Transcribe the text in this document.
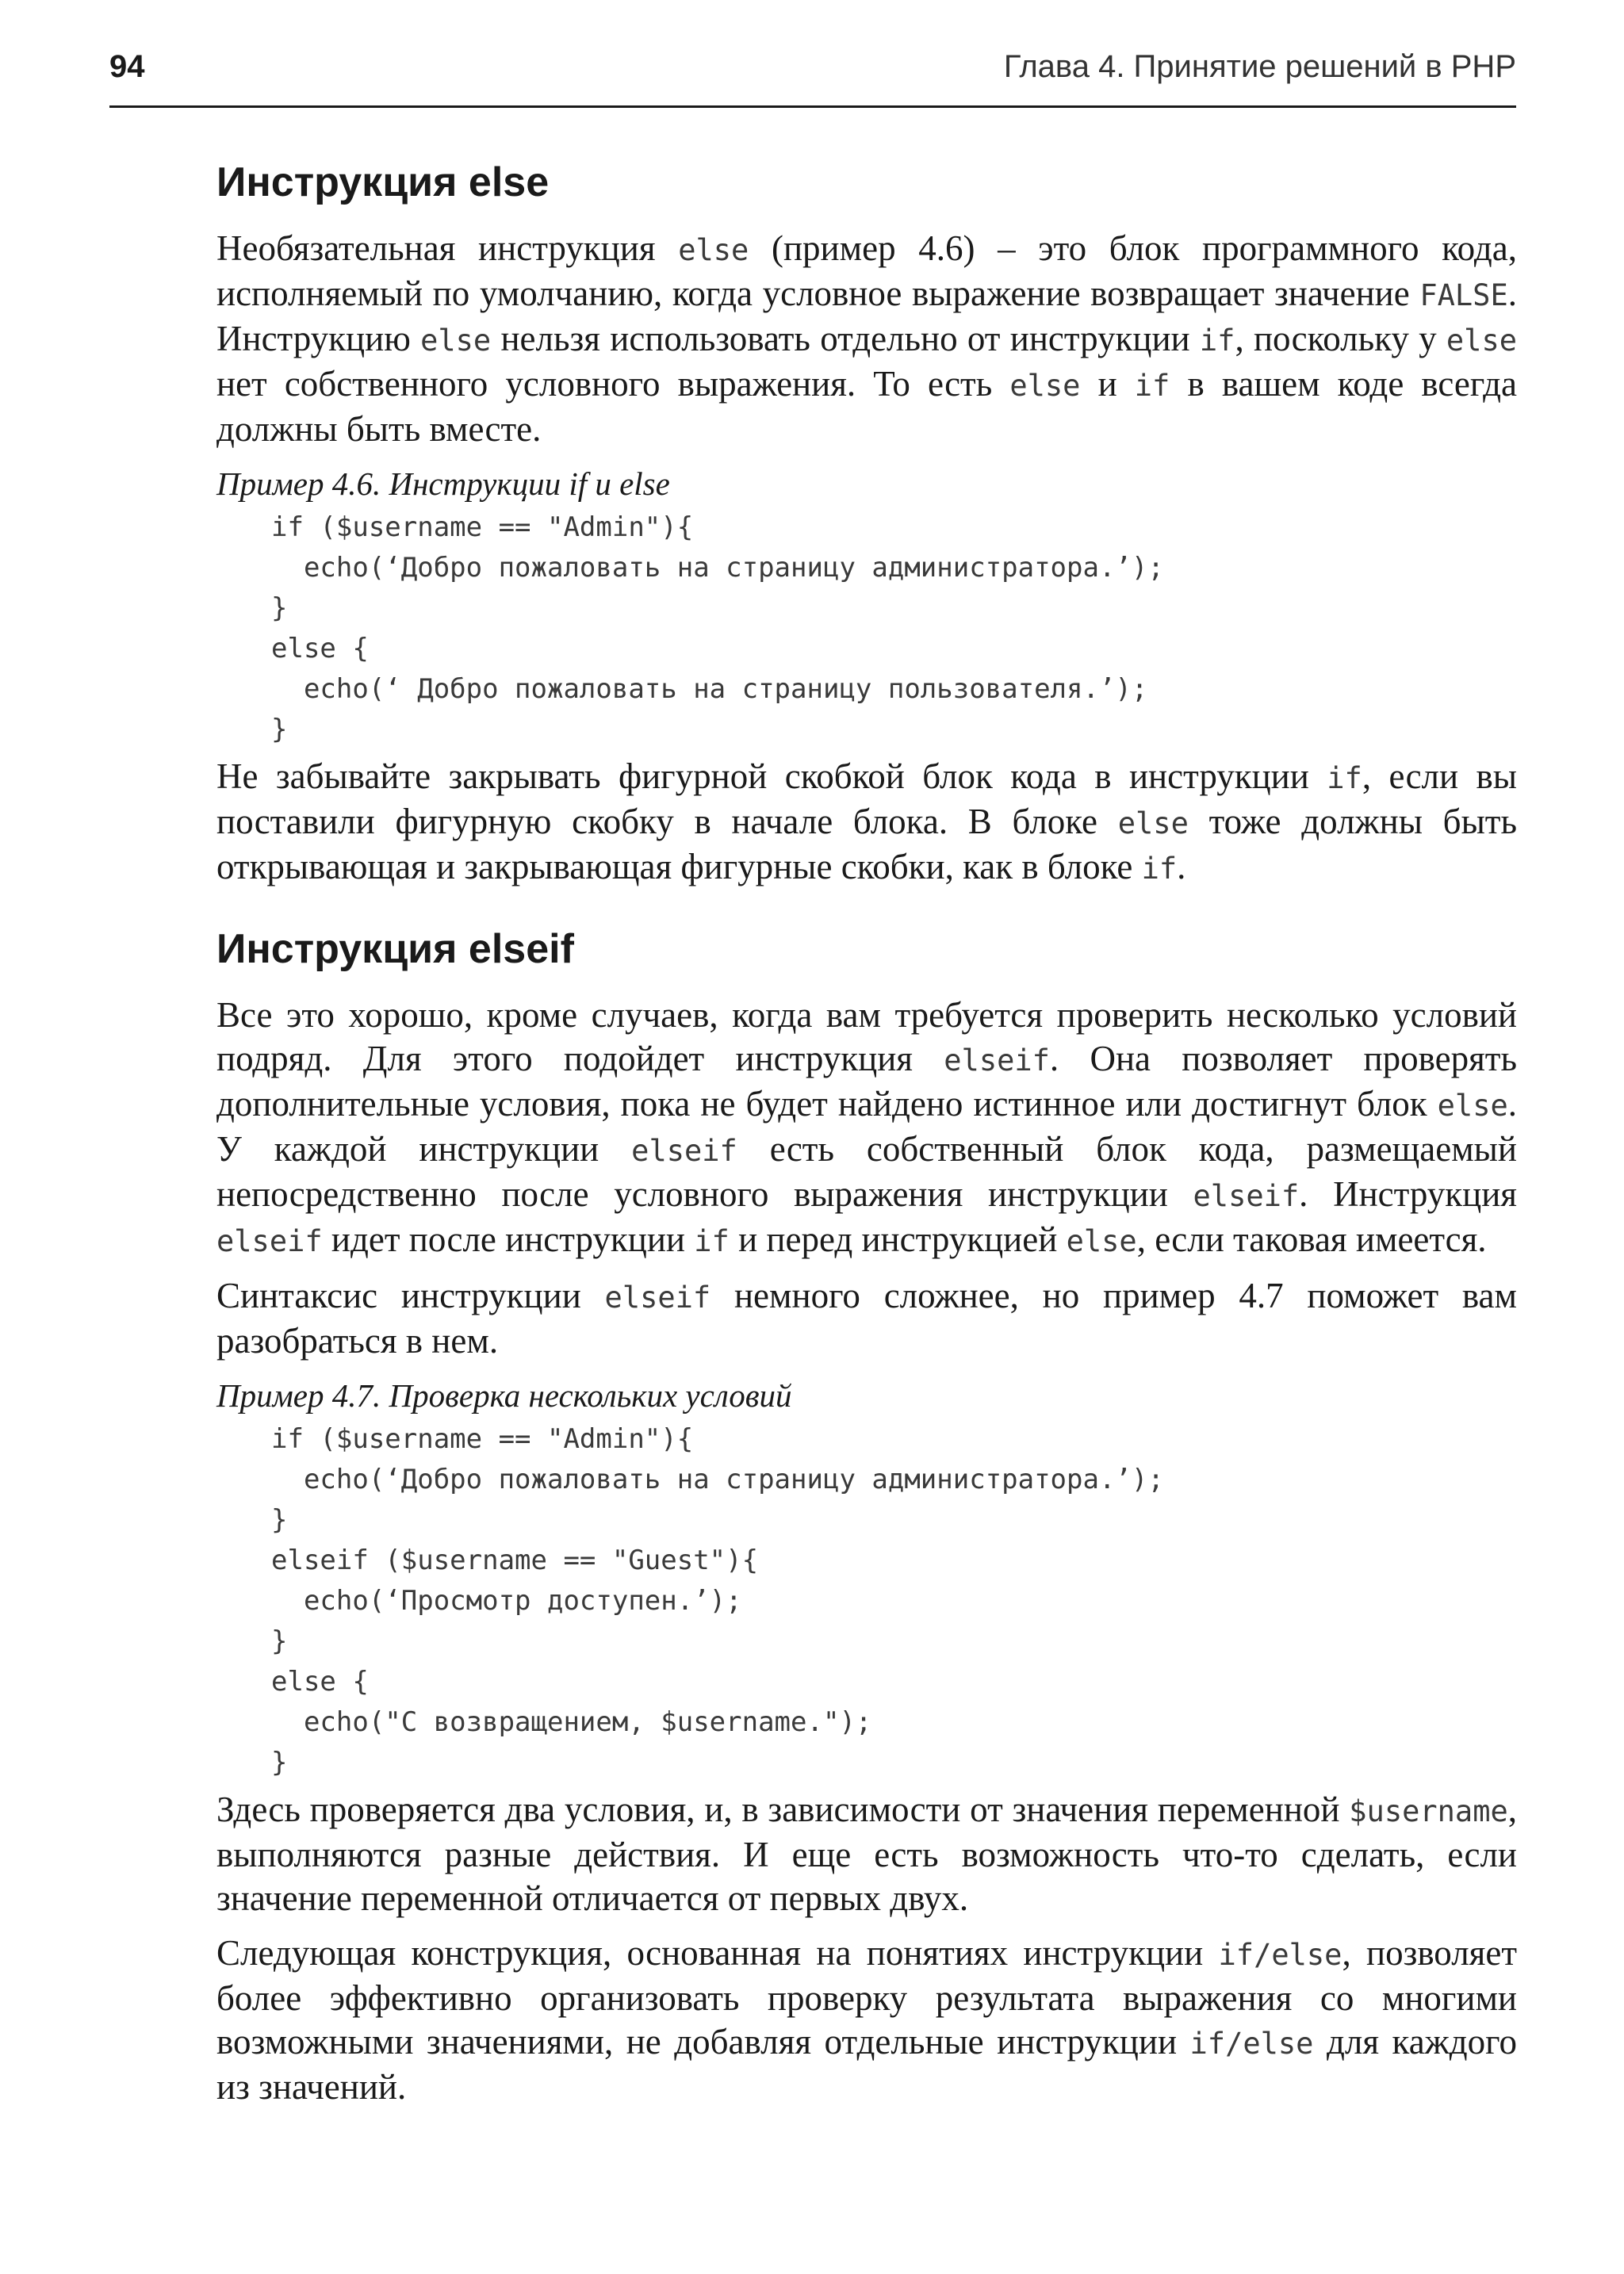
94	Глава 4. Принятие решений в PHP
Инструкция else

Необязательная инструкция else (пример 4.6) – это блок программного кода, исполняемый по умолчанию, когда условное выражение возвращает значение FALSE. Инструкцию else нельзя использовать отдельно от инструкции if, поскольку у else нет собственного условного выражения. То есть else и if в вашем коде всегда должны быть вместе.

Пример 4.6. Инструкции if и else

if ($username == "Admin"){
echo(‘Добро пожаловать на страницу администратора.’);
}
else {
echo(‘ Добро пожаловать на страницу пользователя.’);
}

Не забывайте закрывать фигурной скобкой блок кода в инструкции if, если вы поставили фигурную скобку в начале блока. В блоке else тоже должны быть открывающая и закрывающая фигурные скобки, как в блоке if.

Инструкция elseif

Все это хорошо, кроме случаев, когда вам требуется проверить несколько условий подряд. Для этого подойдет инструкция elseif. Она позволяет проверять дополнительные условия, пока не будет найдено истинное или достигнут блок else. У каждой инструкции elseif есть собственный блок кода, размещаемый непосредственно после условного выражения инструкции elseif. Инструкция elseif идет после инструкции if и перед инструкцией else, если таковая имеется.

Синтаксис инструкции elseif немного сложнее, но пример 4.7 поможет вам разобраться в нем.

Пример 4.7. Проверка нескольких условий

if ($username == "Admin"){
echo(‘Добро пожаловать на страницу администратора.’);
}
elseif ($username == "Guest"){
echo(‘Просмотр доступен.’);
}
else {
echo("С возвращением, $username.");
}

Здесь проверяется два условия, и, в зависимости от значения переменной $username, выполняются разные действия. И еще есть возможность что-то сделать, если значение переменной отличается от первых двух.

Следующая конструкция, основанная на понятиях инструкции if/else, позволяет более эффективно организовать проверку результата выражения со многими возможными значениями, не добавляя отдельные инструкции if/else для каждого из значений.
